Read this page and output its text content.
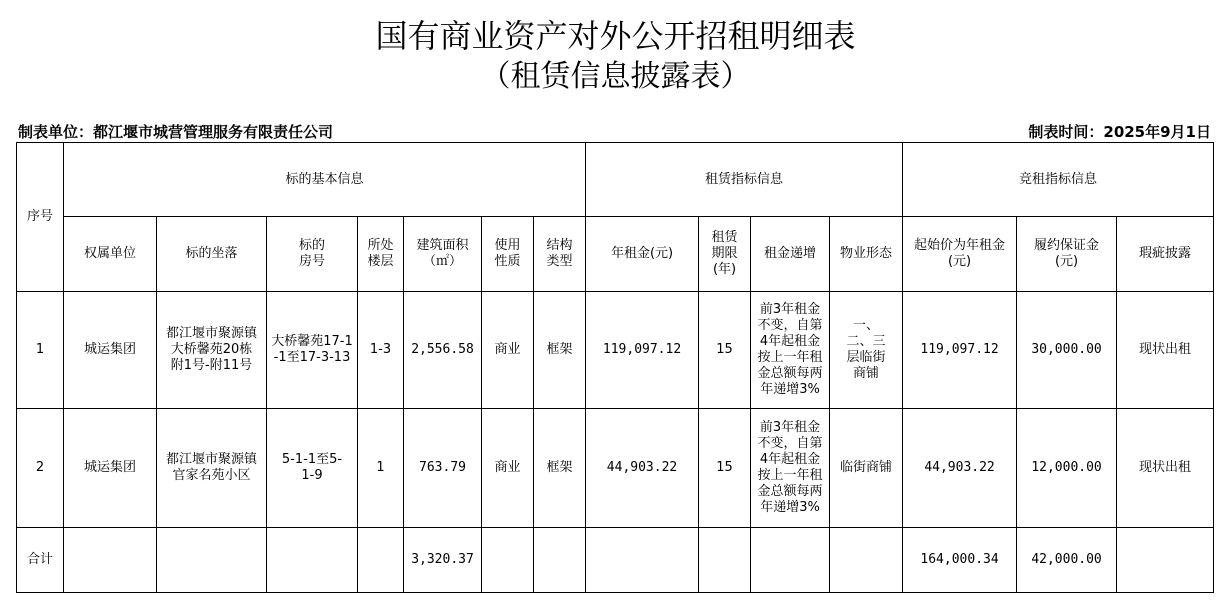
国有商业资产对外公开招租明细表
（租赁信息披露表）
制表单位：都江堰市城营管理服务有限责任公司	制表时间：2025年9月1日
序号	标的基本信息							租赁指标信息				竞租指标信息		
	权属单位	标的坐落	标的房号	所处楼层	建筑面积（㎡）	使用性质	结构类型	年租金(元)	租赁期限(年)	租金递增	物业形态	起始价为年租金(元)	履约保证金(元)	瑕疵披露
1	城运集团	都江堰市聚源镇 大桥馨苑20栋 附1号-附11号	大桥馨苑17-1-1至17-3-13	1-3	2,556.58	商业	框架	119,097.12	15	前3年租金不变，自第4年起租金按上一年租金总额每两年递增3%	一、二、三层临街商铺	119,097.12	30,000.00	现状出租
2	城运集团	都江堰市聚源镇 官家名苑小区	5-1-1至5-1-9	1	763.79	商业	框架	44,903.22	15	前3年租金不变，自第4年起租金按上一年租金总额每两年递增3%	临街商铺	44,903.22	12,000.00	现状出租
合计					3,320.37							164,000.34	42,000.00	
